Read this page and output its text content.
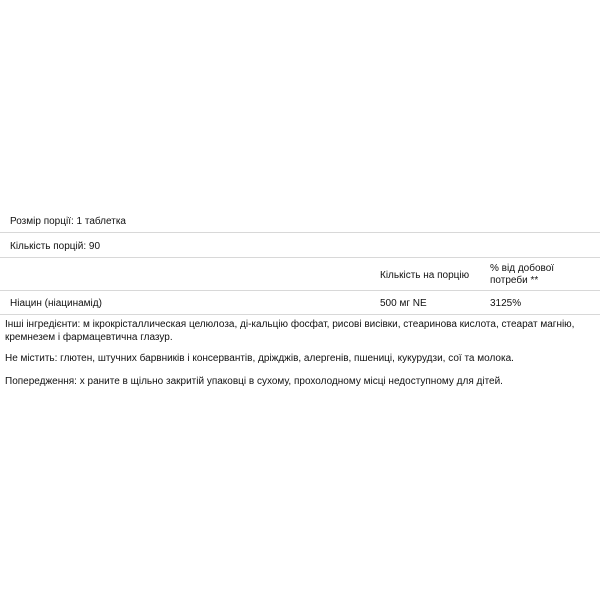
Розмір порції: 1 таблетка
Кількість порцій: 90
Кількість на порцію
% від добової потреби **
Ніацин (ніацинамід)	500 мг NE	3125%
Інші інгредієнти: м ікрокрісталлическая целюлоза, ді-кальцію фосфат, рисові висівки, стеаринова кислота, стеарат магнію, кремнезем і фармацевтична глазур.
Не містить: глютен, штучних барвників і консервантів, дріжджів, алергенів, пшениці, кукурудзи, сої та молока.
Попередження: х раните в щільно закритій упаковці в сухому, прохолодному місці недоступному для дітей.
